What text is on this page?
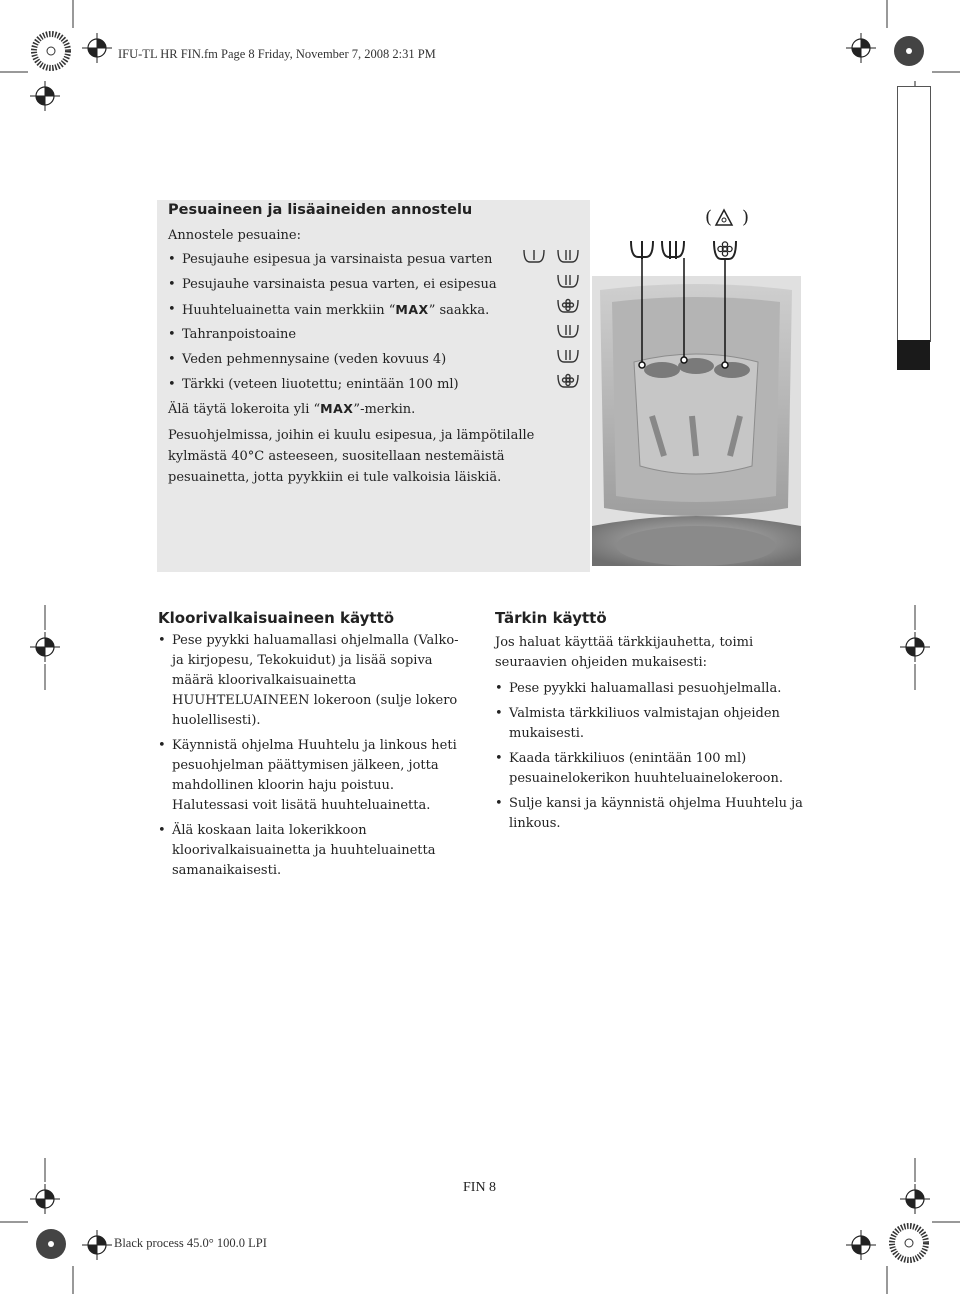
IFU-TL HR FIN.fm Page 8 Friday, November 7, 2008 2:31 PM
Pesuaineen ja lisäaineiden annostelu
Annostele pesuaine:
• Pesujauhe esipesua ja varsinaista pesua varten
• Pesujauhe varsinaista pesua varten, ei esipesua
• Huuhteluainetta vain merkkiin “MAX” saakka.
• Tahranpoistoaine
• Veden pehmennysaine (veden kovuus 4)
• Tärkki (veteen liuotettu; enintään 100 ml)
Älä täytä lokeroita yli “MAX”-merkin.
Pesuohjelmissa, joihin ei kuulu esipesua, ja lämpötilalle kylmästä 40°C asteeseen, suositellaan nestemäistä pesuainetta, jotta pyykkiin ei tule valkoisia läiskiä.
( )
Kloorivalkaisuaineen käyttö
• Pese pyykki haluamallasi ohjelmalla (Valko- ja kirjopesu, Tekokuidut) ja lisää sopiva määrä kloorivalkaisuainetta HUUHTELUAINEEN lokeroon (sulje lokero huolellisesti).
• Käynnistä ohjelma Huuhtelu ja linkous heti pesuohjelman päättymisen jälkeen, jotta mahdollinen kloorin haju poistuu. Halutessasi voit lisätä huuhteluainetta.
• Älä koskaan laita lokerikkoon kloorivalkaisuainetta ja huuhteluainetta samanaikaisesti.
Tärkin käyttö
Jos haluat käyttää tärkkijauhetta, toimi seuraavien ohjeiden mukaisesti:
• Pese pyykki haluamallasi pesuohjelmalla.
• Valmista tärkkiliuos valmistajan ohjeiden mukaisesti.
• Kaada tärkkiliuos (enintään 100 ml) pesuainelokerikon huuhteluainelokeroon.
• Sulje kansi ja käynnistä ohjelma Huuhtelu ja linkous.
FIN 8
Black process 45.0° 100.0 LPI
